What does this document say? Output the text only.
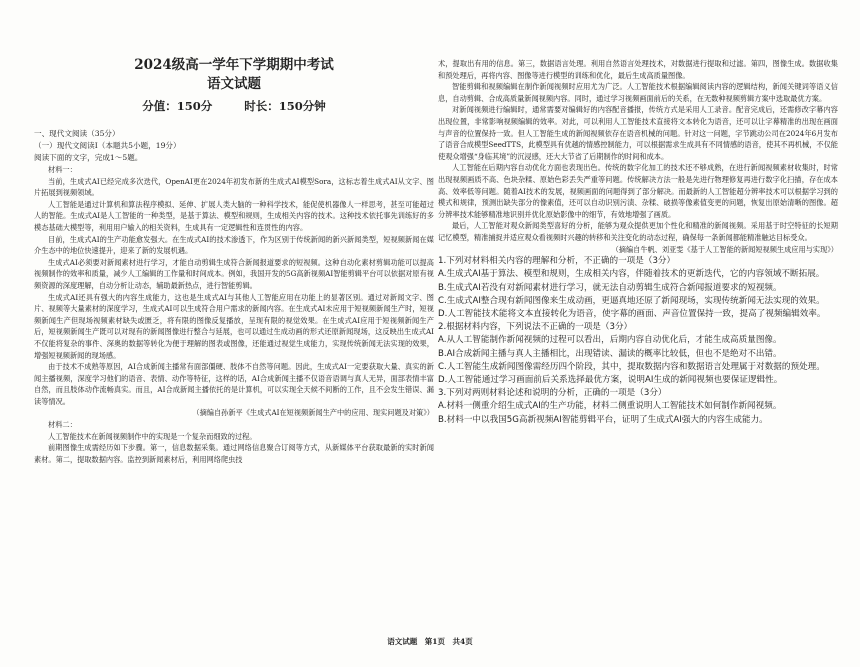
2024级高一学年下学期期中考试
语文试题
分值：150分	时长：150分钟

一、现代文阅读（35分）

（一）现代文阅读Ⅰ（本题共5小题，19分）

阅读下面的文字，完成1～5题。

材料一：

当前，生成式AI已经完成多次迭代，OpenAI更在2024年初发布新的生成式AI模型Sora，这标志着生成式AI从文字、图片拓展到视频领域。

人工智能是通过计算机和算法程序模拟、延伸、扩展人类大脑的一种科学技术，能促使机器像人一样思考，甚至可能超过人的智能。生成式AI是人工智能的一种类型，是基于算法、模型和规则，生成相关内容的技术。这种技术依托事先训练好的多模态基础大模型等，利用用户输入的相关资料，生成具有一定逻辑性和连贯性的内容。

目前，生成式AI的生产功能愈发强大。在生成式AI的技术渗透下，作为区别于传统新闻的新兴新闻类型，短视频新闻在媒介生态中的地位快速提升，迎来了新的发展机遇。

生成式AI必须要对新闻素材进行学习，才能自动剪辑生成符合新闻报道要求的短视频。这种自动化素材剪辑功能可以提高视频制作的效率和质量，减少人工编辑的工作量和时间成本。例如，我国开发的5G高新视频AI智能剪辑平台可以依据对原有视频资源的深度理解，自动分析让动态，辅助最新热点，进行智能剪辑。

生成式AI还具有强大的内容生成能力，这也是生成式AI与其他人工智能应用在功能上的显著区别。通过对新闻文字、图片、视频等大量素材的深度学习，生成式AI可以生成符合用户需求的新闻内容。在生成式AI未应用于短视频新闻生产时，短视频新闻生产但现场视频素材缺失或匮乏，将有限的图像反复播放，呈现有限的视觉效果。在生成式AI应用于短视频新闻生产后，短视频新闻生产既可以对现有的新闻图像进行整合与延展，也可以通过生成动画的形式还原新闻现场，这反映出生成式AI不仅能将复杂的事件、深奥的数据等转化为便于理解的图表或图像，还能通过视觉生成能力，实现传统新闻无法实现的效果，增强短视频新闻的现场感。

由于技术不成熟等原因，AI合成新闻主播常有面部僵硬、肢体不自然等问题。因此，生成式AI一定要获取大量、真实的新闻主播视频，深度学习他们的语音、表情、动作等特征，这样的话，AI合成新闻主播不仅语音语调与真人无异，面部表情丰富自然，而且肢体动作流畅真实。而且，AI合成新闻主播依托的是计算机，可以实现全天候不间断的工作，且不会发生错误、漏读等情况。

（摘编自孙新平《生成式AI在短视频新闻生产中的应用、现实问题及对策》）

材料二：

人工智能技术在新闻视频制作中的实现是一个复杂而细致的过程。

前期图像生成需经历如下步骤。第一，信息数据采集。通过网络信息聚合订阅等方式，从新媒体平台获取最新的实时新闻素材。第二，提取数据内容。监控到新闻素材后，利用网络爬虫技

术，提取出有用的信息。第三，数据语言处理。利用自然语言处理技术，对数据进行提取和过滤。第四，图像生成。数据收集和预处理后，再将内容、图像等进行模型的训练和优化，最后生成高质量图像。

智能剪辑和视频编辑在制作新闻视频时应用尤为广泛。人工智能技术根据编辑阅读内容的逻辑结构，新闻关键词等语义信息，自动剪辑、合成高质量新闻视频内容。同时，通过学习视频画面前后的关系，在无数种视频剪辑方案中选取最优方案。

对新闻视频进行编辑时，通常需要对编辑好的内容配音播报，传统方式是采用人工录音。配音完成后，还需修改字幕内容出现位置，非常影响视频编辑的效率。对此，可以利用人工智能技术直接将文本转化为语音，还可以让字幕精准的出现在画面与声音的位置保持一致。但人工智能生成的新闻视频依存在语音机械的问题。针对这一问题，字节跳动公司在2024年6月发布了语音合成模型SeedTTS，此模型具有优越的情感控制能力，可以根据需求生成具有不同情感的语音，使其不再机械，不仅能使观众增强“身临其境”的沉浸感，还大大节省了后期制作的时间和成本。

人工智能在后期内容自动优化方面也表现出色。传统的数字化加工的技术还不够成熟，在进行新闻视频素材收集时，时常出现视频画质不高、色块杂糅、原始色彩丢失严重等问题。传统解决方法一般是先进行物理修复再进行数字化扫描，存在成本高、效率低等问题。随着AI技术的发展，视频画面的问题得到了部分解决。而最新的人工智能超分辨率技术可以根据学习到的模式和规律，预测出缺失部分的像素值，还可以自动识别污渍、杂糅、破损等像素值变更的问题，恢复出原始清晰的图像。超分辨率技术能够精准地识别并优化原始影像中的细节，有效地增强了画质。

最后，人工智能对观众新闻类型喜好的分析，能够为观众提供更加个性化和精准的新闻视频。采用基于时空特征的长短期记忆模型，精准捕捉并适应观众看视频时兴趣的转移和关注变化的动态过程，确保每一条新闻都能精准触达目标受众。

（摘编自牛帆、刘亚雯《基于人工智能的新闻短视频生成应用与实现》）

1.下列对材料相关内容的理解和分析，不正确的一项是（3分）

A.生成式AI基于算法、模型和规则，生成相关内容，伴随着技术的更新迭代，它的内容领域不断拓展。

B.生成式AI若没有对新闻素材进行学习，就无法自动剪辑生成符合新闻报道要求的短视频。

C.生成式AI整合现有新闻图像来生成动画，更逼真地还原了新闻现场，实现传统新闻无法实现的效果。

D.人工智能技术能将文本直接转化为语音，使字幕的画面、声音位置保持一致，提高了视频编辑效率。

2.根据材料内容，下列说法不正确的一项是（3分）

A.从人工智能制作新闻视频的过程可以看出，后期内容自动优化后，才能生成高质量图像。

B.AI合成新闻主播与真人主播相比，出现错读、漏读的概率比较低，但也不是绝对不出错。

C.人工智能生成新闻图像需经历四个阶段，其中，提取数据内容和数据语言处理属于对数据的预处理。

D.人工智能通过学习画面前后关系选择最优方案，说明AI生成的新闻视频也要保证逻辑性。

3.下列对两则材料论述和说明的分析，正确的一项是（3分）

A.材料一侧重介绍生成式AI的生产功能，材料二侧重说明人工智能技术如何制作新闻视频。

B.材料一中以我国5G高新视频AI智能剪辑平台，证明了生成式AI强大的内容生成能力。

语文试题　第1页　共4页
